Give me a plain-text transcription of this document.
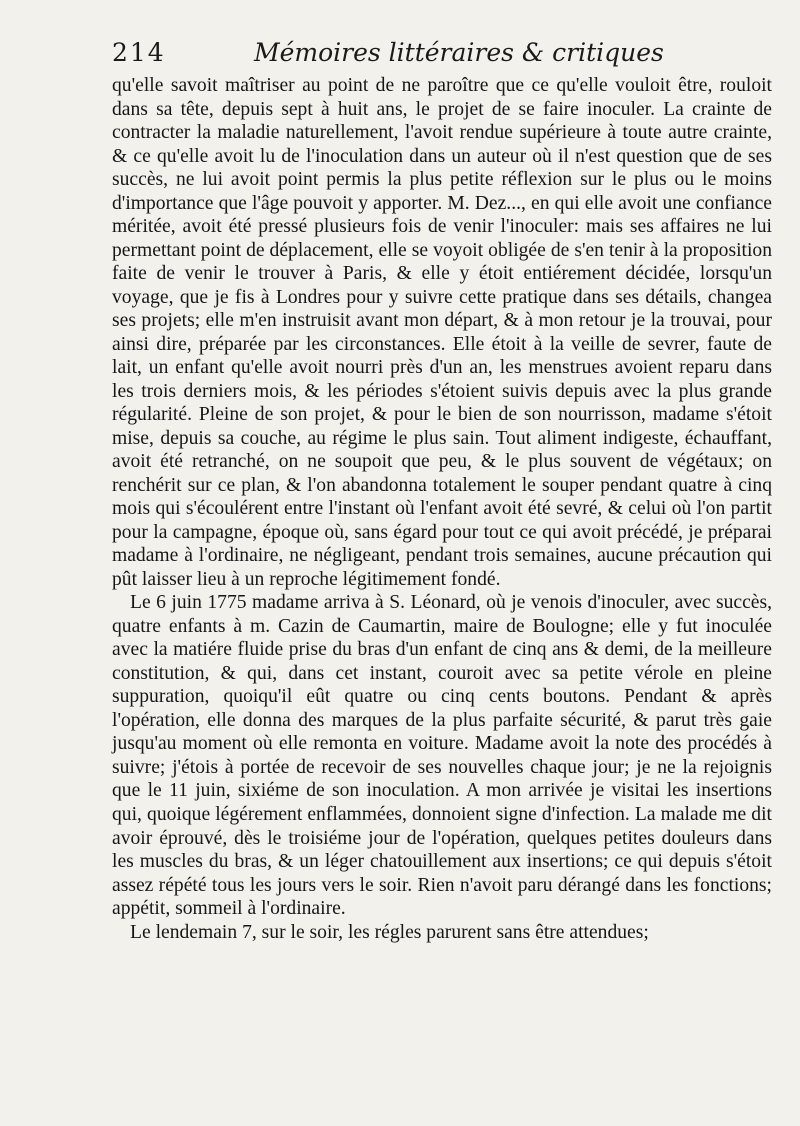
214	Mémoires littéraires & critiques

qu'elle savoit maîtriser au point de ne paroître que ce qu'elle vouloit être, rouloit dans sa tête, depuis sept à huit ans, le projet de se faire inoculer. La crainte de contracter la maladie naturellement, l'avoit rendue supérieure à toute autre crainte, & ce qu'elle avoit lu de l'inoculation dans un auteur où il n'est question que de ses succès, ne lui avoit point permis la plus petite réflexion sur le plus ou le moins d'importance que l'âge pouvoit y apporter. M. Dez..., en qui elle avoit une confiance méritée, avoit été pressé plusieurs fois de venir l'inoculer: mais ses affaires ne lui permettant point de déplacement, elle se voyoit obligée de s'en tenir à la proposition faite de venir le trouver à Paris, & elle y étoit entiérement décidée, lorsqu'un voyage, que je fis à Londres pour y suivre cette pratique dans ses détails, changea ses projets; elle m'en instruisit avant mon départ, & à mon retour je la trouvai, pour ainsi dire, préparée par les circonstances. Elle étoit à la veille de sevrer, faute de lait, un enfant qu'elle avoit nourri près d'un an, les menstrues avoient reparu dans les trois derniers mois, & les périodes s'étoient suivis depuis avec la plus grande régularité. Pleine de son projet, & pour le bien de son nourrisson, madame s'étoit mise, depuis sa couche, au régime le plus sain. Tout aliment indigeste, échauffant, avoit été retranché, on ne soupoit que peu, & le plus souvent de végétaux; on renchérit sur ce plan, & l'on abandonna totalement le souper pendant quatre à cinq mois qui s'écoulérent entre l'instant où l'enfant avoit été sevré, & celui où l'on partit pour la campagne, époque où, sans égard pour tout ce qui avoit précédé, je préparai madame à l'ordinaire, ne négligeant, pendant trois semaines, aucune précaution qui pût laisser lieu à un reproche légitimement fondé.

Le 6 juin 1775 madame arriva à S. Léonard, où je venois d'inoculer, avec succès, quatre enfants à m. Cazin de Caumartin, maire de Boulogne; elle y fut inoculée avec la matiére fluide prise du bras d'un enfant de cinq ans & demi, de la meilleure constitution, & qui, dans cet instant, couroit avec sa petite vérole en pleine suppuration, quoiqu'il eût quatre ou cinq cents boutons. Pendant & après l'opération, elle donna des marques de la plus parfaite sécurité, & parut très gaie jusqu'au moment où elle remonta en voiture. Madame avoit la note des procédés à suivre; j'étois à portée de recevoir de ses nouvelles chaque jour; je ne la rejoignis que le 11 juin, sixiéme de son inoculation. A mon arrivée je visitai les insertions qui, quoique légérement enflammées, donnoient signe d'infection. La malade me dit avoir éprouvé, dès le troisiéme jour de l'opération, quelques petites douleurs dans les muscles du bras, & un léger chatouillement aux insertions; ce qui depuis s'étoit assez répété tous les jours vers le soir. Rien n'avoit paru dérangé dans les fonctions; appétit, sommeil à l'ordinaire.

Le lendemain 7, sur le soir, les régles parurent sans être attendues;
